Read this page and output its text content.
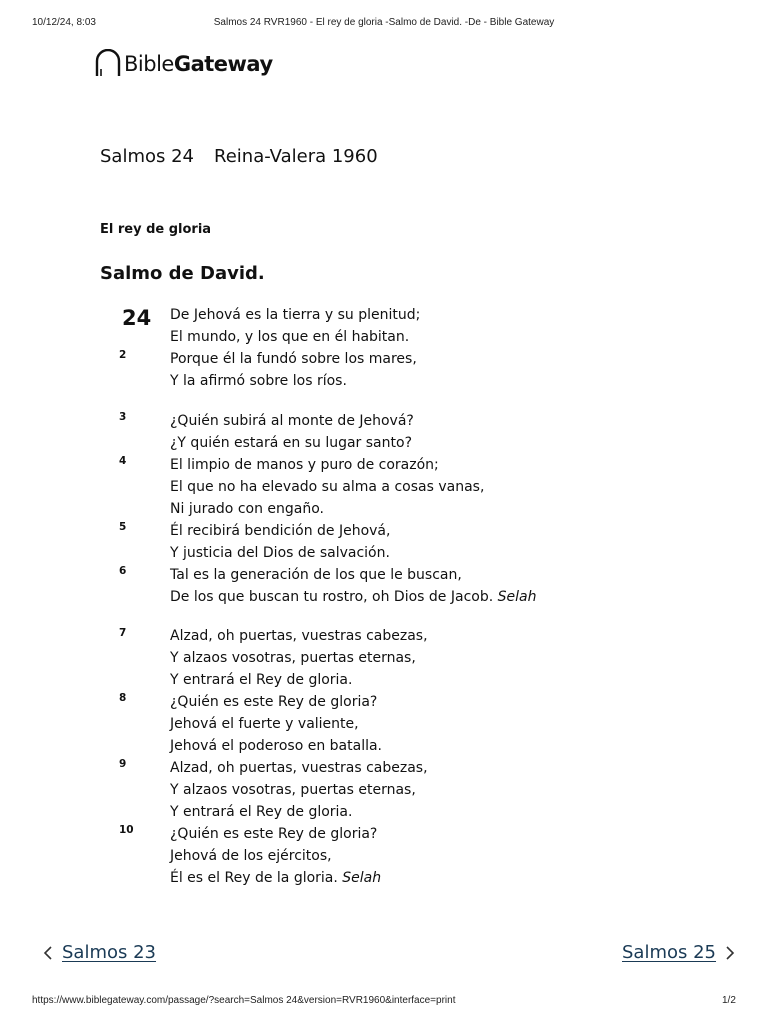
10/12/24, 8:03	Salmos 24 RVR1960 - El rey de gloria -Salmo de David. -De - Bible Gateway
Bible Gateway
Salmos 24 Reina-Valera 1960
El rey de gloria
Salmo de David.
24
2
3
4
5
6
7
8
9
10
De Jehová es la tierra y su plenitud;
El mundo, y los que en él habitan.
Porque él la fundó sobre los mares,
Y la afirmó sobre los ríos.
¿Quién subirá al monte de Jehová?
¿Y quién estará en su lugar santo?
El limpio de manos y puro de corazón;
El que no ha elevado su alma a cosas vanas,
Ni jurado con engaño.
Él recibirá bendición de Jehová,
Y justicia del Dios de salvación.
Tal es la generación de los que le buscan,
De los que buscan tu rostro, oh Dios de Jacob. Selah
Alzad, oh puertas, vuestras cabezas,
Y alzaos vosotras, puertas eternas,
Y entrará el Rey de gloria.
¿Quién es este Rey de gloria?
Jehová el fuerte y valiente,
Jehová el poderoso en batalla.
Alzad, oh puertas, vuestras cabezas,
Y alzaos vosotras, puertas eternas,
Y entrará el Rey de gloria.
¿Quién es este Rey de gloria?
Jehová de los ejércitos,
Él es el Rey de la gloria. Selah
Salmos 23	Salmos 25
https://www.biblegateway.com/passage/?search=Salmos 24&version=RVR1960&interface=print	1/2
